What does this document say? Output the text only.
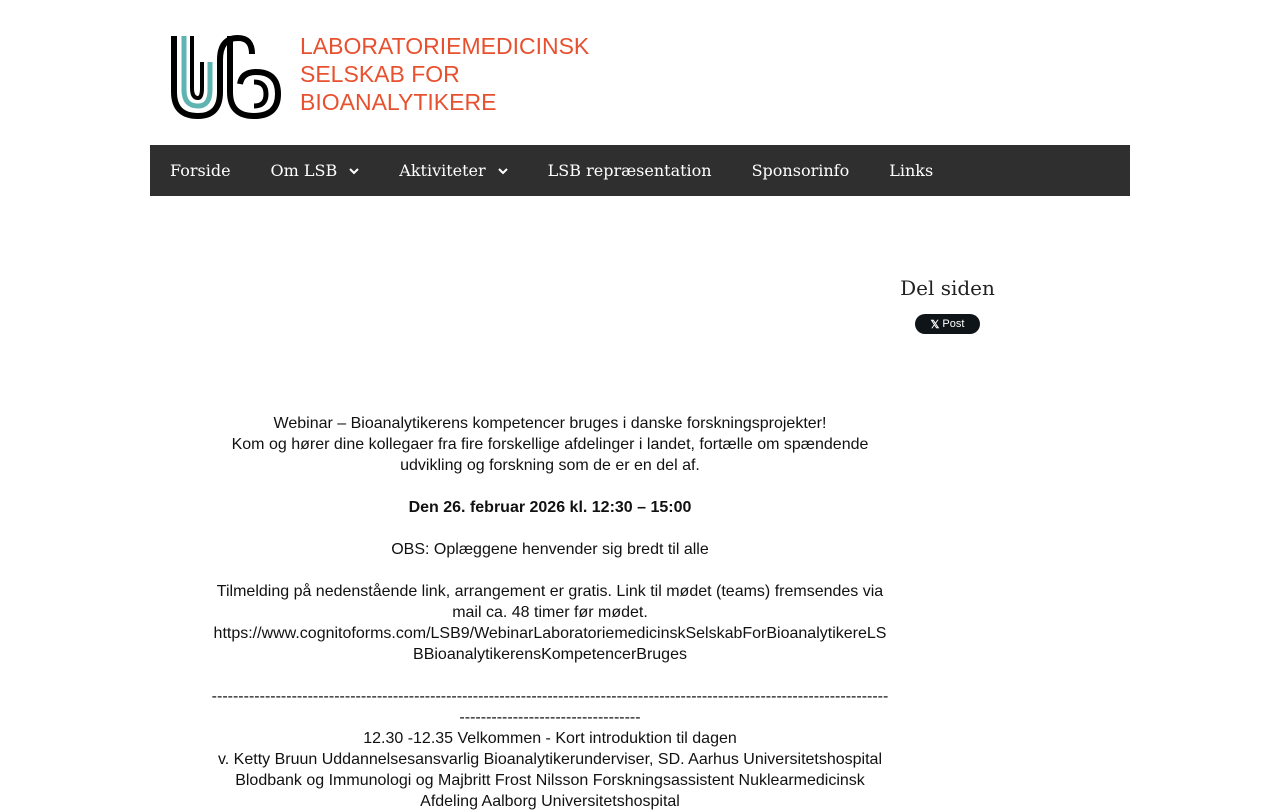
LABORATORIEMEDICINSK
SELSKAB FOR
BIOANALYTIKERE
Forside	Om LSB	Aktiviteter	LSB repræsentation	Sponsorinfo	Links
Del siden
𝕏 Post

Webinar – Bioanalytikerens kompetencer bruges i danske forskningsprojekter!

Kom og hører dine kollegaer fra fire forskellige afdelinger i landet, fortælle om spændende udvikling og forskning som de er en del af.

Den 26. februar 2026 kl. 12:30 – 15:00

OBS: Oplæggene henvender sig bredt til alle

Tilmelding på nedenstående link, arrangement er gratis. Link til mødet (teams) fremsendes via mail ca. 48 timer før mødet.

https://www.cognitoforms.com/LSB9/WebinarLaboratoriemedicinskSelskabForBioanalytikereLSBBioanalytikerensKompetencerBruges

-----------------------------------------------------------------------------------------------------------------------------------------------------------------

12.30 -12.35 Velkommen - Kort introduktion til dagen

v. Ketty Bruun Uddannelsesansvarlig Bioanalytikerunderviser, SD. Aarhus Universitetshospital Blodbank og Immunologi og Majbritt Frost Nilsson Forskningsassistent Nuklearmedicinsk Afdeling Aalborg Universitetshospital
